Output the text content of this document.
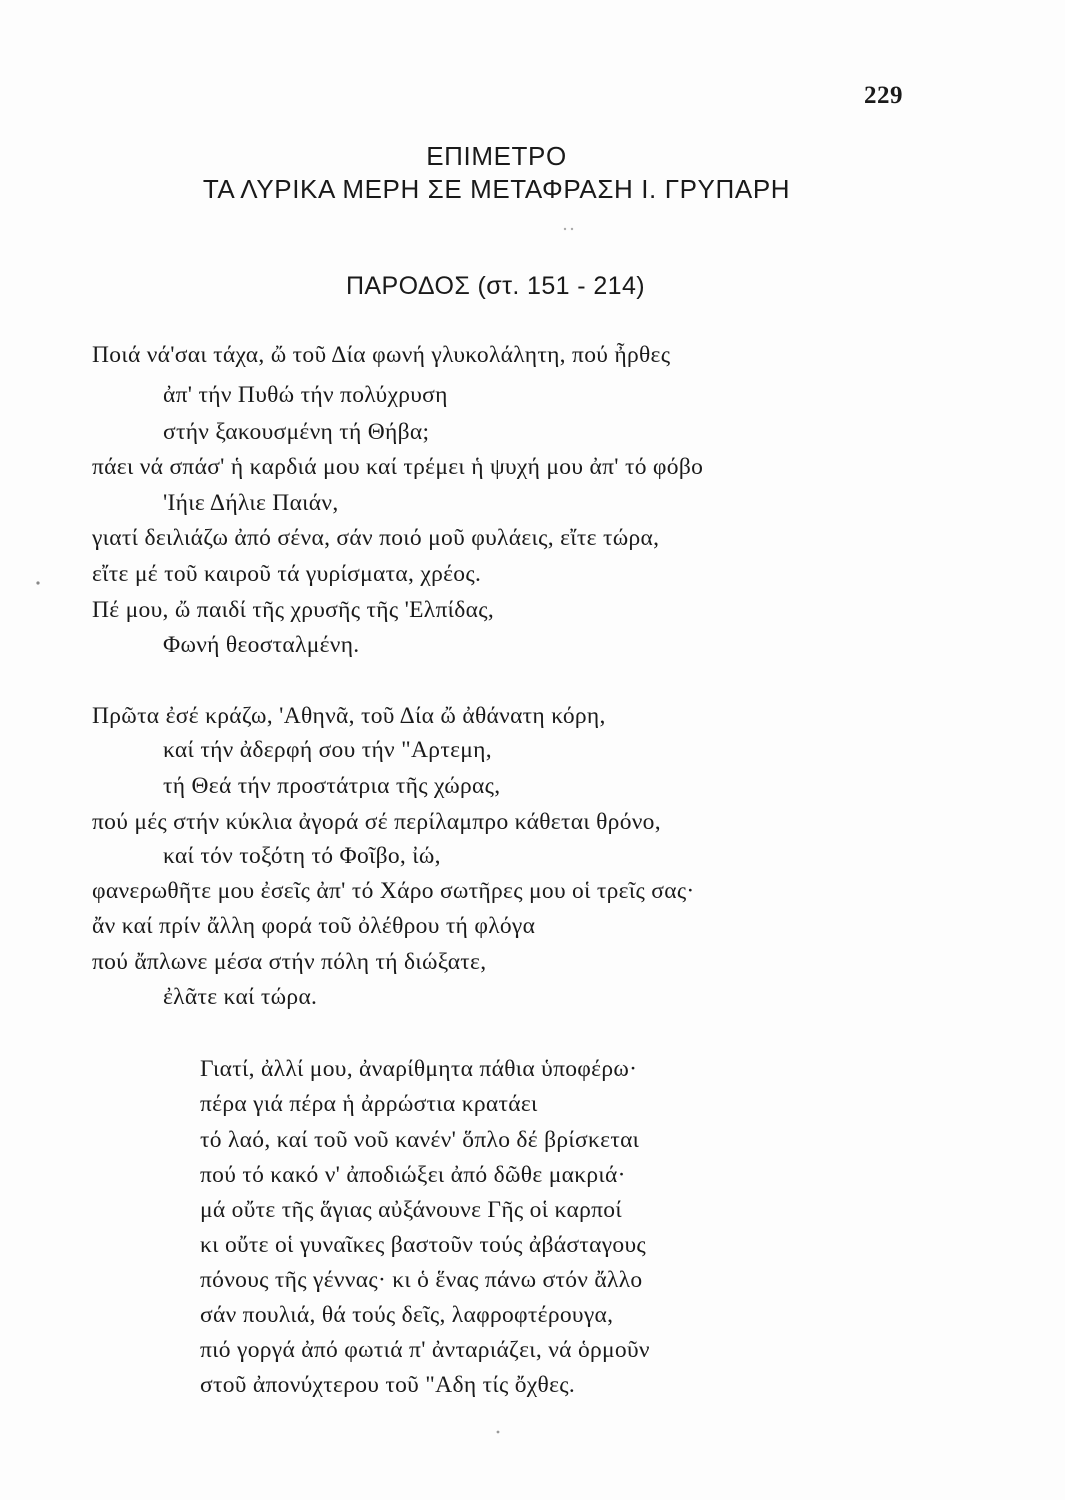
229
ΕΠΙΜΕΤΡΟ
ΤΑ ΛΥΡΙΚΑ ΜΕΡΗ ΣΕ ΜΕΤΑΦΡΑΣΗ Ι. ΓΡΥΠΑΡΗ
ΠΑΡΟΔΟΣ (στ. 151 - 214)
Ποιά νά'σαι τάχα, ὤ τοῦ Δία φωνή γλυκολάλητη, πού ἦρθες
ἀπ' τήν Πυθώ τήν πολύχρυση
στήν ξακουσμένη τή Θήβα;
πάει νά σπάσ' ἡ καρδιά μου καί τρέμει ἡ ψυχή μου ἀπ' τό φόβο
'Ιήιε Δήλιε Παιάν,
γιατί δειλιάζω ἀπό σένα, σάν ποιό μοῦ φυλάεις, εἴτε τώρα,
εἴτε μέ τοῦ καιροῦ τά γυρίσματα, χρέος.
Πέ μου, ὤ παιδί τῆς χρυσῆς τῆς 'Ελπίδας,
Φωνή θεοσταλμένη.
Πρῶτα ἐσέ κράζω, 'Αθηνᾶ, τοῦ Δία ὤ ἀθάνατη κόρη,
καί τήν ἀδερφή σου τήν "Αρτεμη,
τή Θεά τήν προστάτρια τῆς χώρας,
πού μές στήν κύκλια ἀγορά σέ περίλαμπρο κάθεται θρόνο,
καί τόν τοξότη τό Φοῖβο, ἰώ,
φανερωθῆτε μου ἐσεῖς ἀπ' τό Χάρο σωτῆρες μου οἱ τρεῖς σας·
ἄν καί πρίν ἄλλη φορά τοῦ ὀλέθρου τή φλόγα
πού ἄπλωνε μέσα στήν πόλη τή διώξατε,
ἐλᾶτε καί τώρα.
Γιατί, ἀλλί μου, ἀναρίθμητα πάθια ὑποφέρω·
πέρα γιά πέρα ἡ ἀρρώστια κρατάει
τό λαό, καί τοῦ νοῦ κανέν' ὅπλο δέ βρίσκεται
πού τό κακό ν' ἀποδιώξει ἀπό δῶθε μακριά·
μά οὔτε τῆς ἅγιας αὐξάνουνε Γῆς οἱ καρποί
κι οὔτε οἱ γυναῖκες βαστοῦν τούς ἀβάσταγους
πόνους τῆς γέννας· κι ὁ ἕνας πάνω στόν ἄλλο
σάν πουλιά, θά τούς δεῖς, λαφροφτέρουγα,
πιό γοργά ἀπό φωτιά π' ἀνταριάζει, νά ὁρμοῦν
στοῦ ἀπονύχτερου τοῦ "Αδη τίς ὄχθες.
